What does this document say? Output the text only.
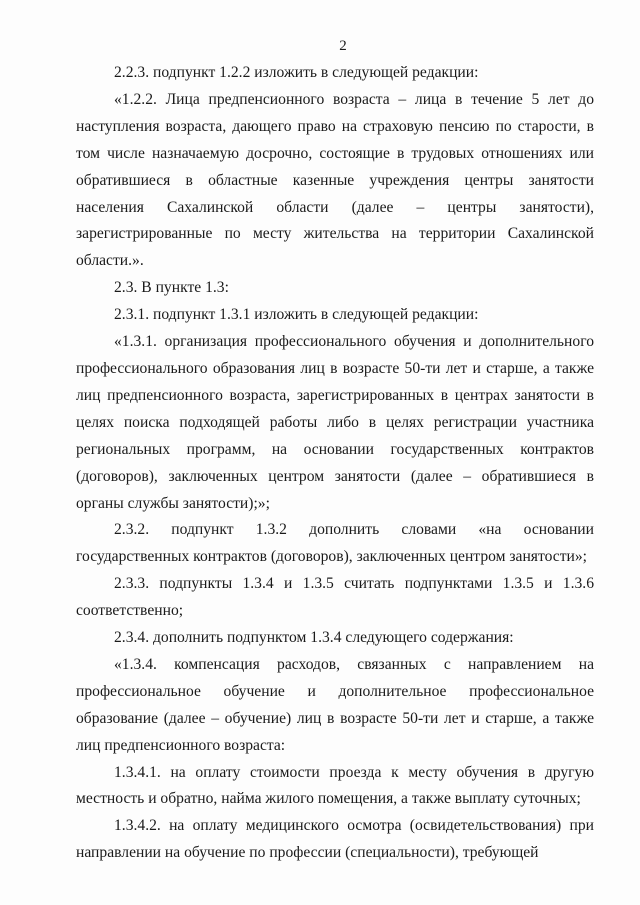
2

2.2.3. подпункт 1.2.2 изложить в следующей редакции:

«1.2.2. Лица предпенсионного возраста – лица в течение 5 лет до наступления возраста, дающего право на страховую пенсию по старости, в том числе назначаемую досрочно, состоящие в трудовых отношениях или обратившиеся в областные казенные учреждения центры занятости населения Сахалинской области (далее – центры занятости), зарегистрированные по месту жительства на территории Сахалинской области.».

2.3. В пункте 1.3:

2.3.1. подпункт 1.3.1 изложить в следующей редакции:

«1.3.1. организация профессионального обучения и дополнительного профессионального образования лиц в возрасте 50-ти лет и старше, а также лиц предпенсионного возраста, зарегистрированных в центрах занятости в целях поиска подходящей работы либо в целях регистрации участника региональных программ, на основании государственных контрактов (договоров), заключенных центром занятости (далее – обратившиеся в органы службы занятости);»;

2.3.2. подпункт 1.3.2 дополнить словами «на основании государственных контрактов (договоров), заключенных центром занятости»;

2.3.3. подпункты 1.3.4 и 1.3.5 считать подпунктами 1.3.5 и 1.3.6 соответственно;

2.3.4. дополнить подпунктом 1.3.4 следующего содержания:

«1.3.4. компенсация расходов, связанных с направлением на профессиональное обучение и дополнительное профессиональное образование (далее – обучение) лиц в возрасте 50-ти лет и старше, а также лиц предпенсионного возраста:

1.3.4.1. на оплату стоимости проезда к месту обучения в другую местность и обратно, найма жилого помещения, а также выплату суточных;

1.3.4.2. на оплату медицинского осмотра (освидетельствования) при направлении на обучение по профессии (специальности), требующей
